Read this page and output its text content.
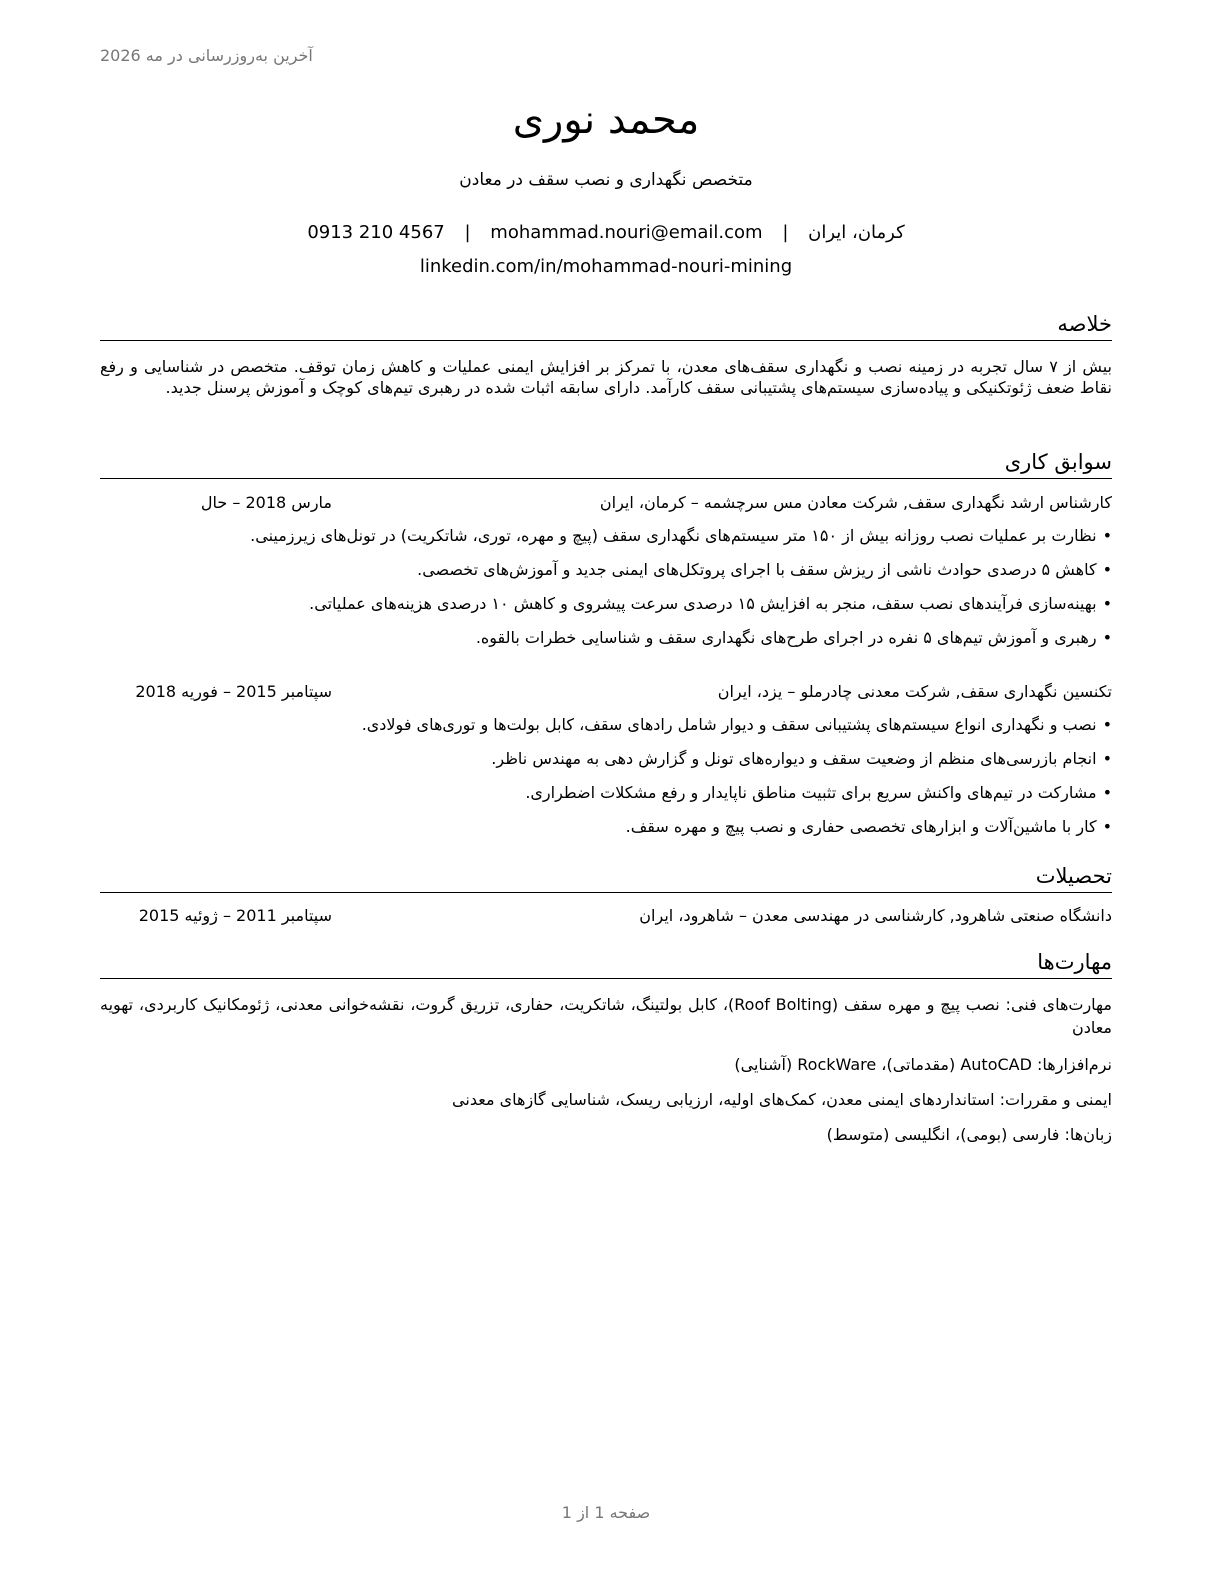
آخرین به‌روزرسانی در مه 2026
محمد نوری
متخصص نگهداری و نصب سقف در معادن
کرمان، ایران | mohammad.nouri@email.com | 0913 210 4567
linkedin.com/in/mohammad-nouri-mining
خلاصه
بیش از ۷ سال تجربه در زمینه نصب و نگهداری سقف‌های معدن، با تمرکز بر افزایش ایمنی عملیات و کاهش زمان توقف. متخصص در شناسایی و رفع نقاط ضعف ژئوتکنیکی و پیاده‌سازی سیستم‌های پشتیبانی سقف کارآمد. دارای سابقه اثبات شده در رهبری تیم‌های کوچک و آموزش پرسنل جدید.
سوابق کاری
کارشناس ارشد نگهداری سقف, شرکت معادن مس سرچشمه – کرمان، ایران
مارس 2018 – حال
•نظارت بر عملیات نصب روزانه بیش از ۱۵۰ متر سیستم‌های نگهداری سقف (پیچ و مهره، توری، شاتکریت) در تونل‌های زیرزمینی.
•کاهش ۵ درصدی حوادث ناشی از ریزش سقف با اجرای پروتکل‌های ایمنی جدید و آموزش‌های تخصصی.
•بهینه‌سازی فرآیندهای نصب سقف، منجر به افزایش ۱۵ درصدی سرعت پیشروی و کاهش ۱۰ درصدی هزینه‌های عملیاتی.
•رهبری و آموزش تیم‌های ۵ نفره در اجرای طرح‌های نگهداری سقف و شناسایی خطرات بالقوه.
تکنسین نگهداری سقف, شرکت معدنی چادرملو – یزد، ایران
سپتامبر 2015 – فوریه 2018
•نصب و نگهداری انواع سیستم‌های پشتیبانی سقف و دیوار شامل رادهای سقف، کابل بولت‌ها و توری‌های فولادی.
•انجام بازرسی‌های منظم از وضعیت سقف و دیواره‌های تونل و گزارش دهی به مهندس ناظر.
•مشارکت در تیم‌های واکنش سریع برای تثبیت مناطق ناپایدار و رفع مشکلات اضطراری.
•کار با ماشین‌آلات و ابزارهای تخصصی حفاری و نصب پیچ و مهره سقف.
تحصیلات
دانشگاه صنعتی شاهرود, کارشناسی در مهندسی معدن – شاهرود، ایران
سپتامبر 2011 – ژوئیه 2015
مهارت‌ها
مهارت‌های فنی: نصب پیچ و مهره سقف (Roof Bolting)، کابل بولتینگ، شاتکریت، حفاری، تزریق گروت، نقشه‌خوانی معدنی، ژئومکانیک کاربردی، تهویه معادن
نرم‌افزارها: AutoCAD (مقدماتی)، RockWare (آشنایی)
ایمنی و مقررات: استانداردهای ایمنی معدن، کمک‌های اولیه، ارزیابی ریسک، شناسایی گازهای معدنی
زبان‌ها: فارسی (بومی)، انگلیسی (متوسط)
صفحه 1 از 1
